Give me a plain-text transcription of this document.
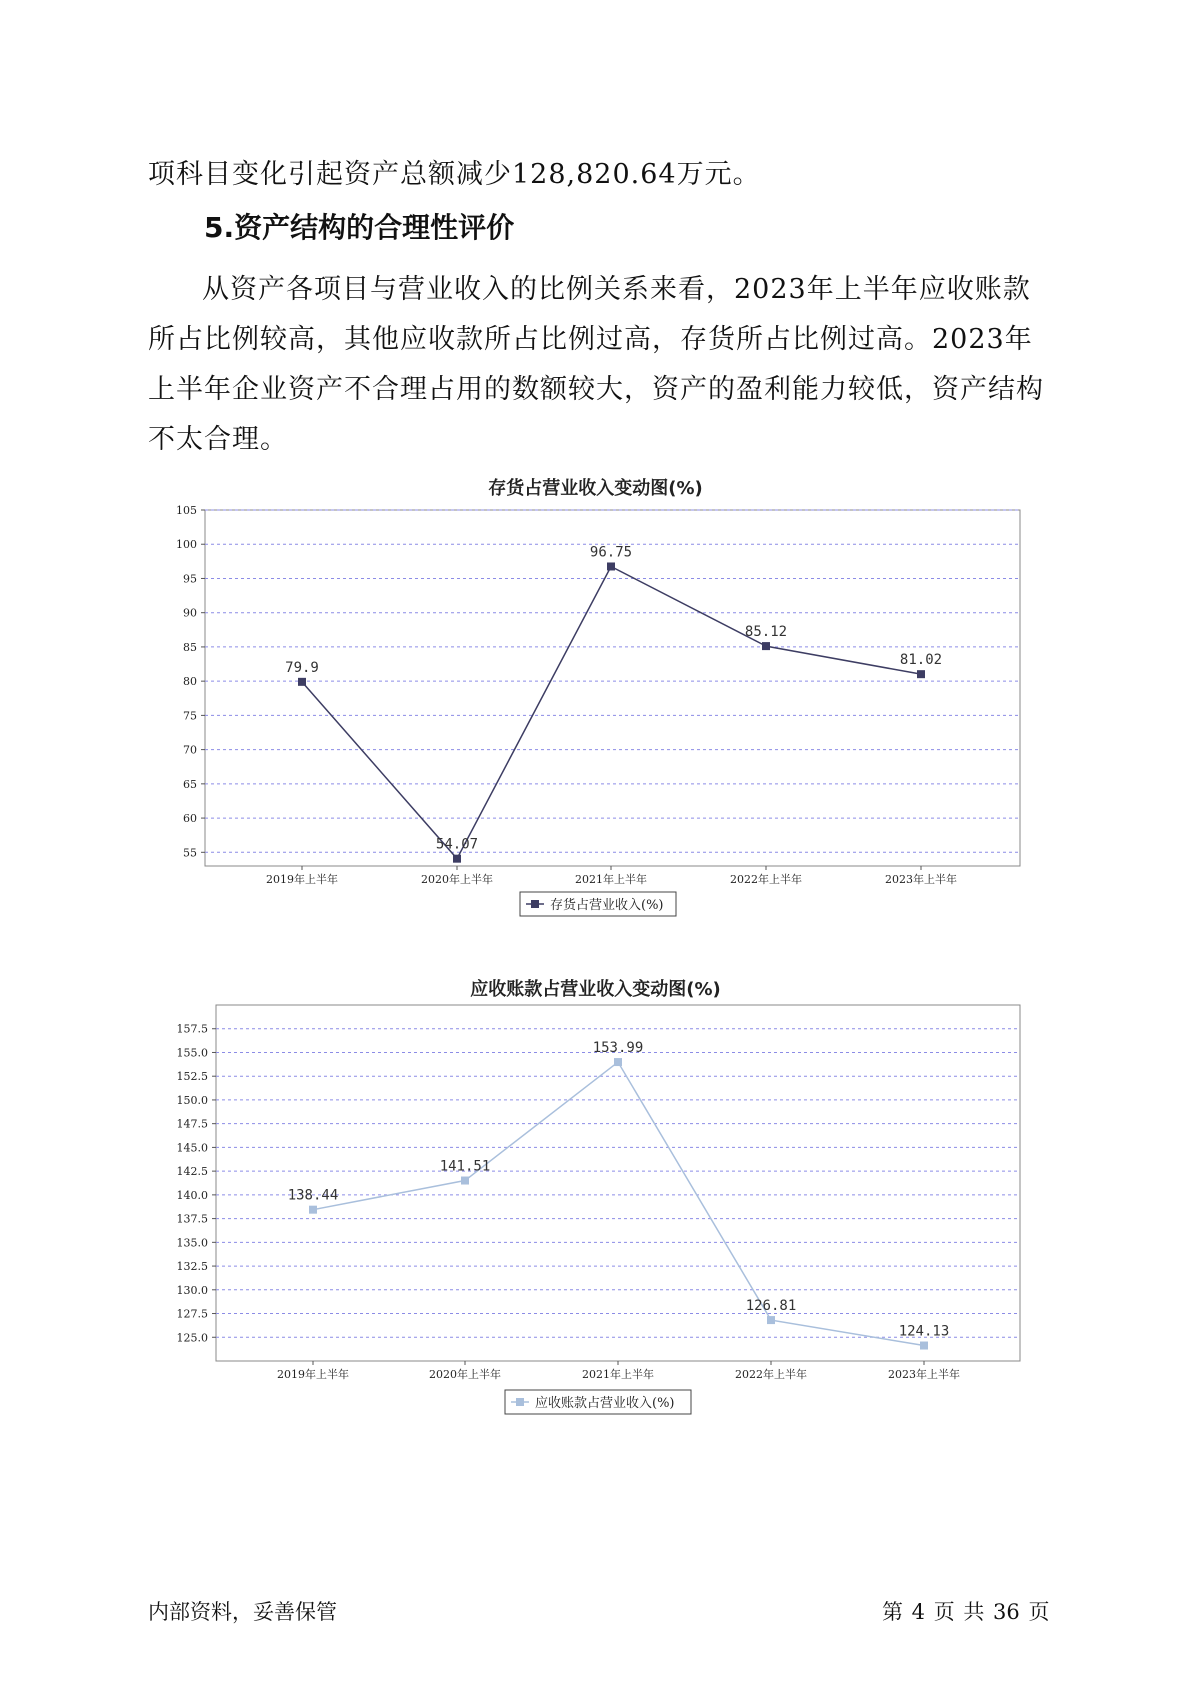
项科目变化引起资产总额减少128,820.64万元。
5.资产结构的合理性评价
从资产各项目与营业收入的比例关系来看，2023年上半年应收账款所占比例较高，其他应收款所占比例过高，存货所占比例过高。2023年上半年企业资产不合理占用的数额较大，资产的盈利能力较低，资产结构不太合理。
存货占营业收入变动图(%)
105
100
95
90
85
80
75
70
65
60
55
2019年上半年	2020年上半年	2021年上半年	2022年上半年	2023年上半年
79.9
54.07
96.75
85.12
81.02
存货占营业收入(%)
应收账款占营业收入变动图(%)
157.5
155.0
152.5
150.0
147.5
145.0
142.5
140.0
137.5
135.0
132.5
130.0
127.5
125.0
2019年上半年	2020年上半年	2021年上半年	2022年上半年	2023年上半年
138.44
141.51
153.99
126.81
124.13
应收账款占营业收入(%)
内部资料，妥善保管	第 4 页 共 36 页
